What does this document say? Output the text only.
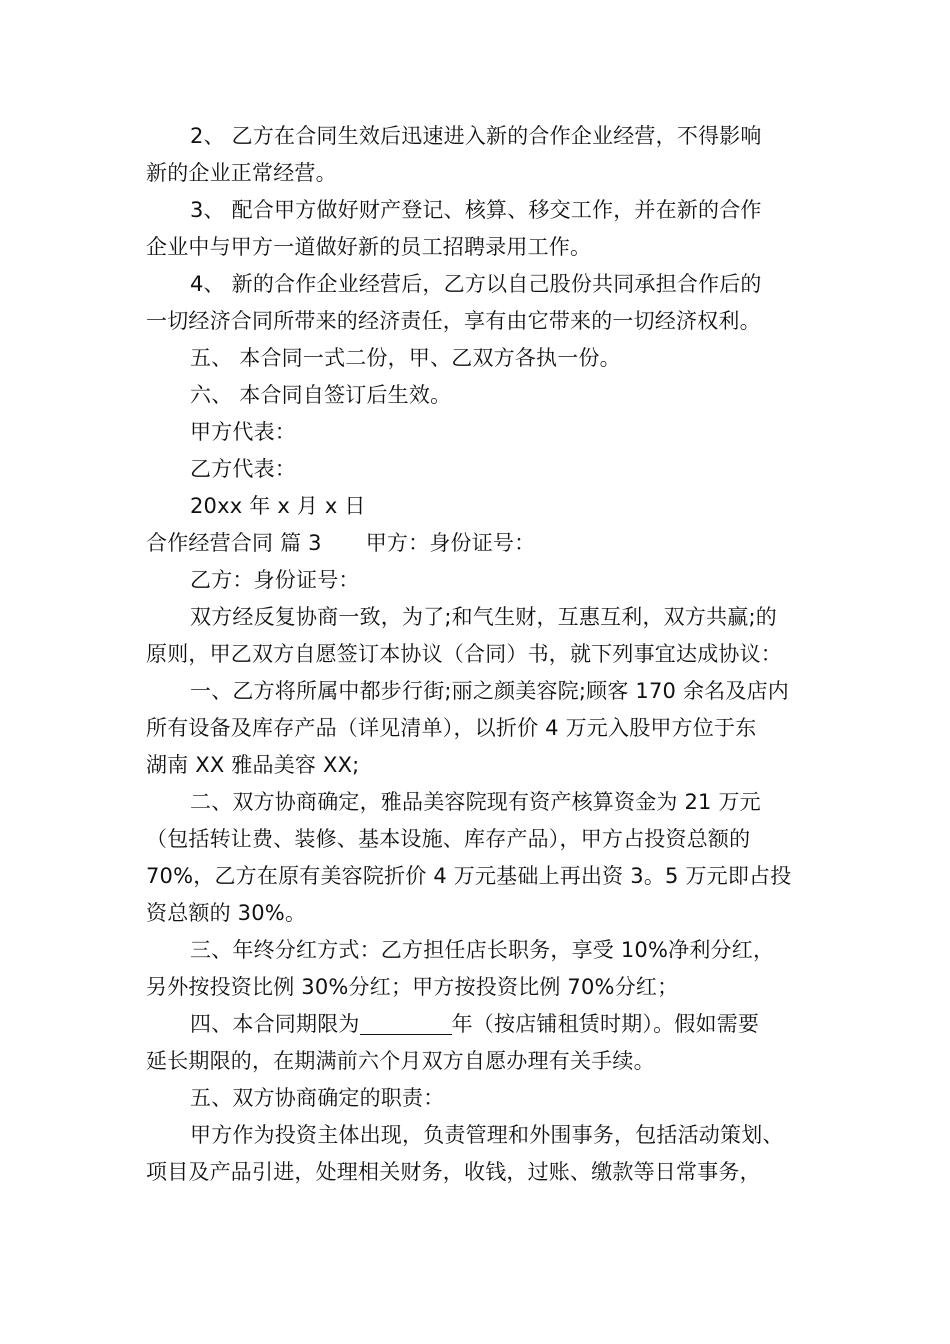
2、 乙方在合同生效后迅速进入新的合作企业经营，不得影响
新的企业正常经营。
3、 配合甲方做好财产登记、核算、移交工作，并在新的合作
企业中与甲方一道做好新的员工招聘录用工作。
4、 新的合作企业经营后，乙方以自己股份共同承担合作后的
一切经济合同所带来的经济责任，享有由它带来的一切经济权利。
五、 本合同一式二份，甲、乙双方各执一份。
六、 本合同自签订后生效。
甲方代表：
乙方代表：
20xx 年 x 月 x 日
合作经营合同 篇 3 甲方：身份证号：
乙方：身份证号：
双方经反复协商一致，为了;和气生财，互惠互利，双方共赢;的
原则，甲乙双方自愿签订本协议（合同）书，就下列事宜达成协议：
一、乙方将所属中都步行街;丽之颜美容院;顾客 170 余名及店内
所有设备及库存产品（详见清单），以折价 4 万元入股甲方位于东
湖南 XX 雅品美容 XX;
二、双方协商确定，雅品美容院现有资产核算资金为 21 万元
（包括转让费、装修、基本设施、库存产品），甲方占投资总额的
70%，乙方在原有美容院折价 4 万元基础上再出资 3。5 万元即占投
资总额的 30%。
三、年终分红方式：乙方担任店长职务，享受 10%净利分红，
另外按投资比例 30%分红；甲方按投资比例 70%分红；
四、本合同期限为	年（按店铺租赁时期）。假如需要
延长期限的，在期满前六个月双方自愿办理有关手续。
五、双方协商确定的职责：
甲方作为投资主体出现，负责管理和外围事务，包括活动策划、
项目及产品引进，处理相关财务，收钱，过账、缴款等日常事务，
